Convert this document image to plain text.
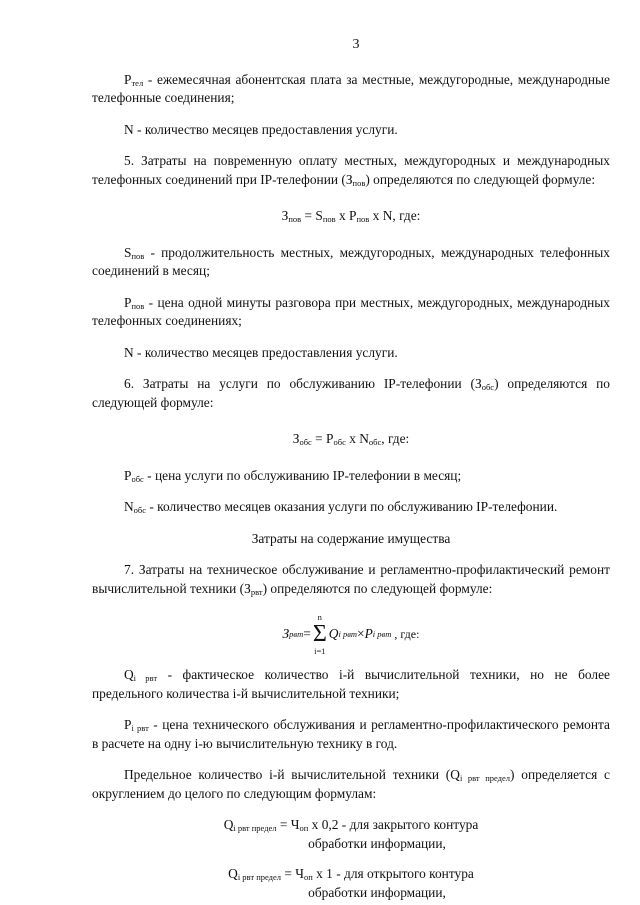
3

$Р_{тел}$ - ежемесячная абонентская плата за местные, междугородные, международные телефонные соединения;

N - количество месяцев предоставления услуги.

5. Затраты на повременную оплату местных, междугородных и международных телефонных соединений при IP-телефонии $(З_{пов})$ определяются по следующей формуле:

$З_{пов} = S_{пов}$ х $Р_{пов}$ х N, где:

$S_{пов}$ - продолжительность местных, междугородных, международных телефонных соединений в месяц;

$Р_{пов}$ - цена одной минуты разговора при местных, междугородных, международных телефонных соединениях;

N - количество месяцев предоставления услуги.

6. Затраты на услуги по обслуживанию IP-телефонии $(З_{обс})$ определяются по следующей формуле:

$З_{обс} = Р_{обс}$ х $N_{обс}$, где:

$Р_{обс}$ - цена услуги по обслуживанию IP-телефонии в месяц;

$N_{обс}$ - количество месяцев оказания услуги по обслуживанию IP-телефонии.

Затраты на содержание имущества

7. Затраты на техническое обслуживание и регламентно-профилактический ремонт вычислительной техники $(З_{рвт})$ определяются по следующей формуле:

З рвт =
n
Σ
i=1
Q i рвт × P i рвт , где:

$Q_{i рвт}$ - фактическое количество i-й вычислительной техники, но не более предельного количества i-й вычислительной техники;

$Р_{i рвт}$ - цена технического обслуживания и регламентно-профилактического ремонта в расчете на одну i-ю вычислительную технику в год.

Предельное количество i-й вычислительной техники $(Q_{i рвт предел})$ определяется с округлением до целого по следующим формулам:

$Q_{i рвт предел} = Ч_{оп}$ х 0,2 - для закрытого контура
обработки информации,
$Q_{i рвт предел} = Ч_{оп}$ х 1 - для открытого контура
обработки информации,
